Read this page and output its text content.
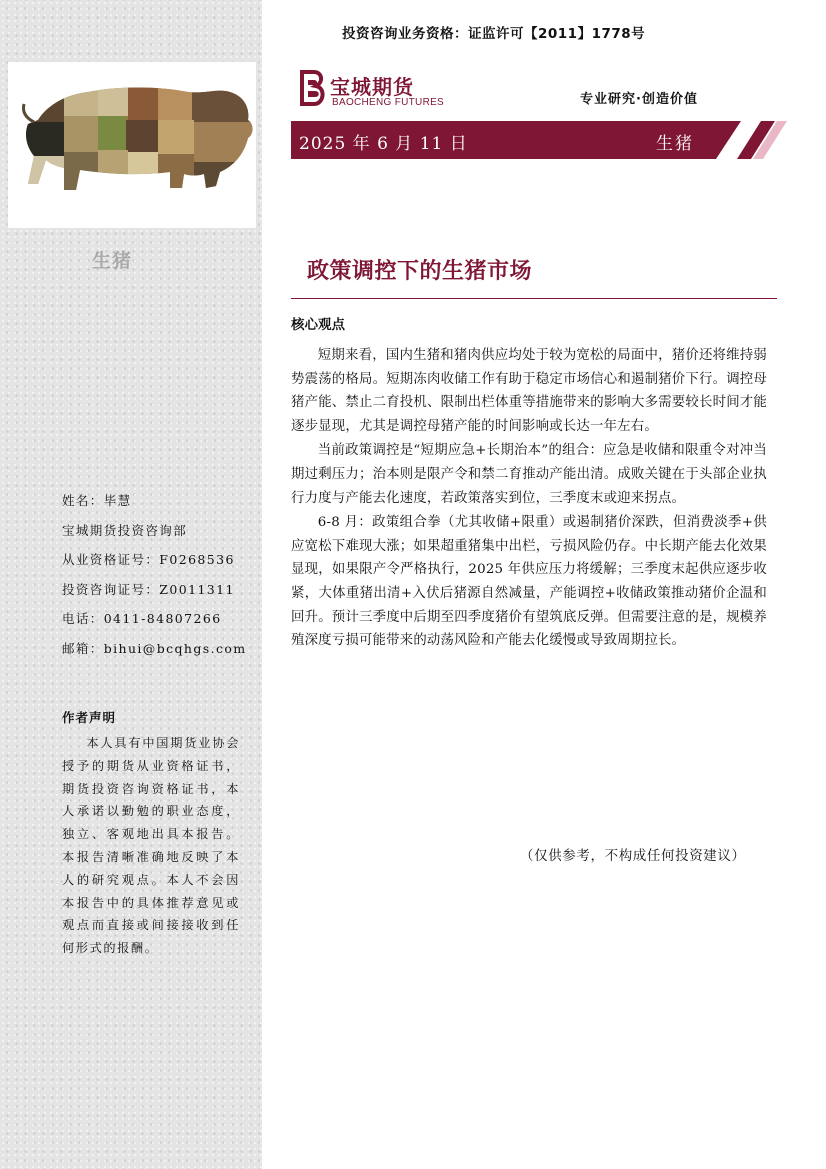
生猪
姓名：毕慧
宝城期货投资咨询部
从业资格证号：F0268536
投资咨询证号：Z0011311
电话：0411-84807266
邮箱：bihui@bcqhgs.com
作者声明
本人具有中国期货业协会授予的期货从业资格证书，期货投资咨询资格证书，本人承诺以勤勉的职业态度，独立、客观地出具本报告。本报告清晰准确地反映了本人的研究观点。本人不会因本报告中的具体推荐意见或观点而直接或间接接收到任何形式的报酬。
投资咨询业务资格：证监许可【2011】1778号
宝城期货
BAOCHENG FUTURES	专业研究·创造价值
2025 年 6 月 11 日	生猪
政策调控下的生猪市场
核心观点

短期来看，国内生猪和猪肉供应均处于较为宽松的局面中，猪价还将维持弱势震荡的格局。短期冻肉收储工作有助于稳定市场信心和遏制猪价下行。调控母猪产能、禁止二育投机、限制出栏体重等措施带来的影响大多需要较长时间才能逐步显现，尤其是调控母猪产能的时间影响或长达一年左右。

当前政策调控是“短期应急+长期治本”的组合：应急是收储和限重令对冲当期过剩压力；治本则是限产令和禁二育推动产能出清。成败关键在于头部企业执行力度与产能去化速度，若政策落实到位，三季度末或迎来拐点。

6-8 月：政策组合拳（尤其收储+限重）或遏制猪价深跌，但消费淡季+供应宽松下难现大涨；如果超重猪集中出栏，亏损风险仍存。中长期产能去化效果显现，如果限产令严格执行，2025 年供应压力将缓解；三季度末起供应逐步收紧，大体重猪出清+入伏后猪源自然减量，产能调控+收储政策推动猪价企温和回升。预计三季度中后期至四季度猪价有望筑底反弹。但需要注意的是，规模养殖深度亏损可能带来的动荡风险和产能去化缓慢或导致周期拉长。

（仅供参考，不构成任何投资建议）
